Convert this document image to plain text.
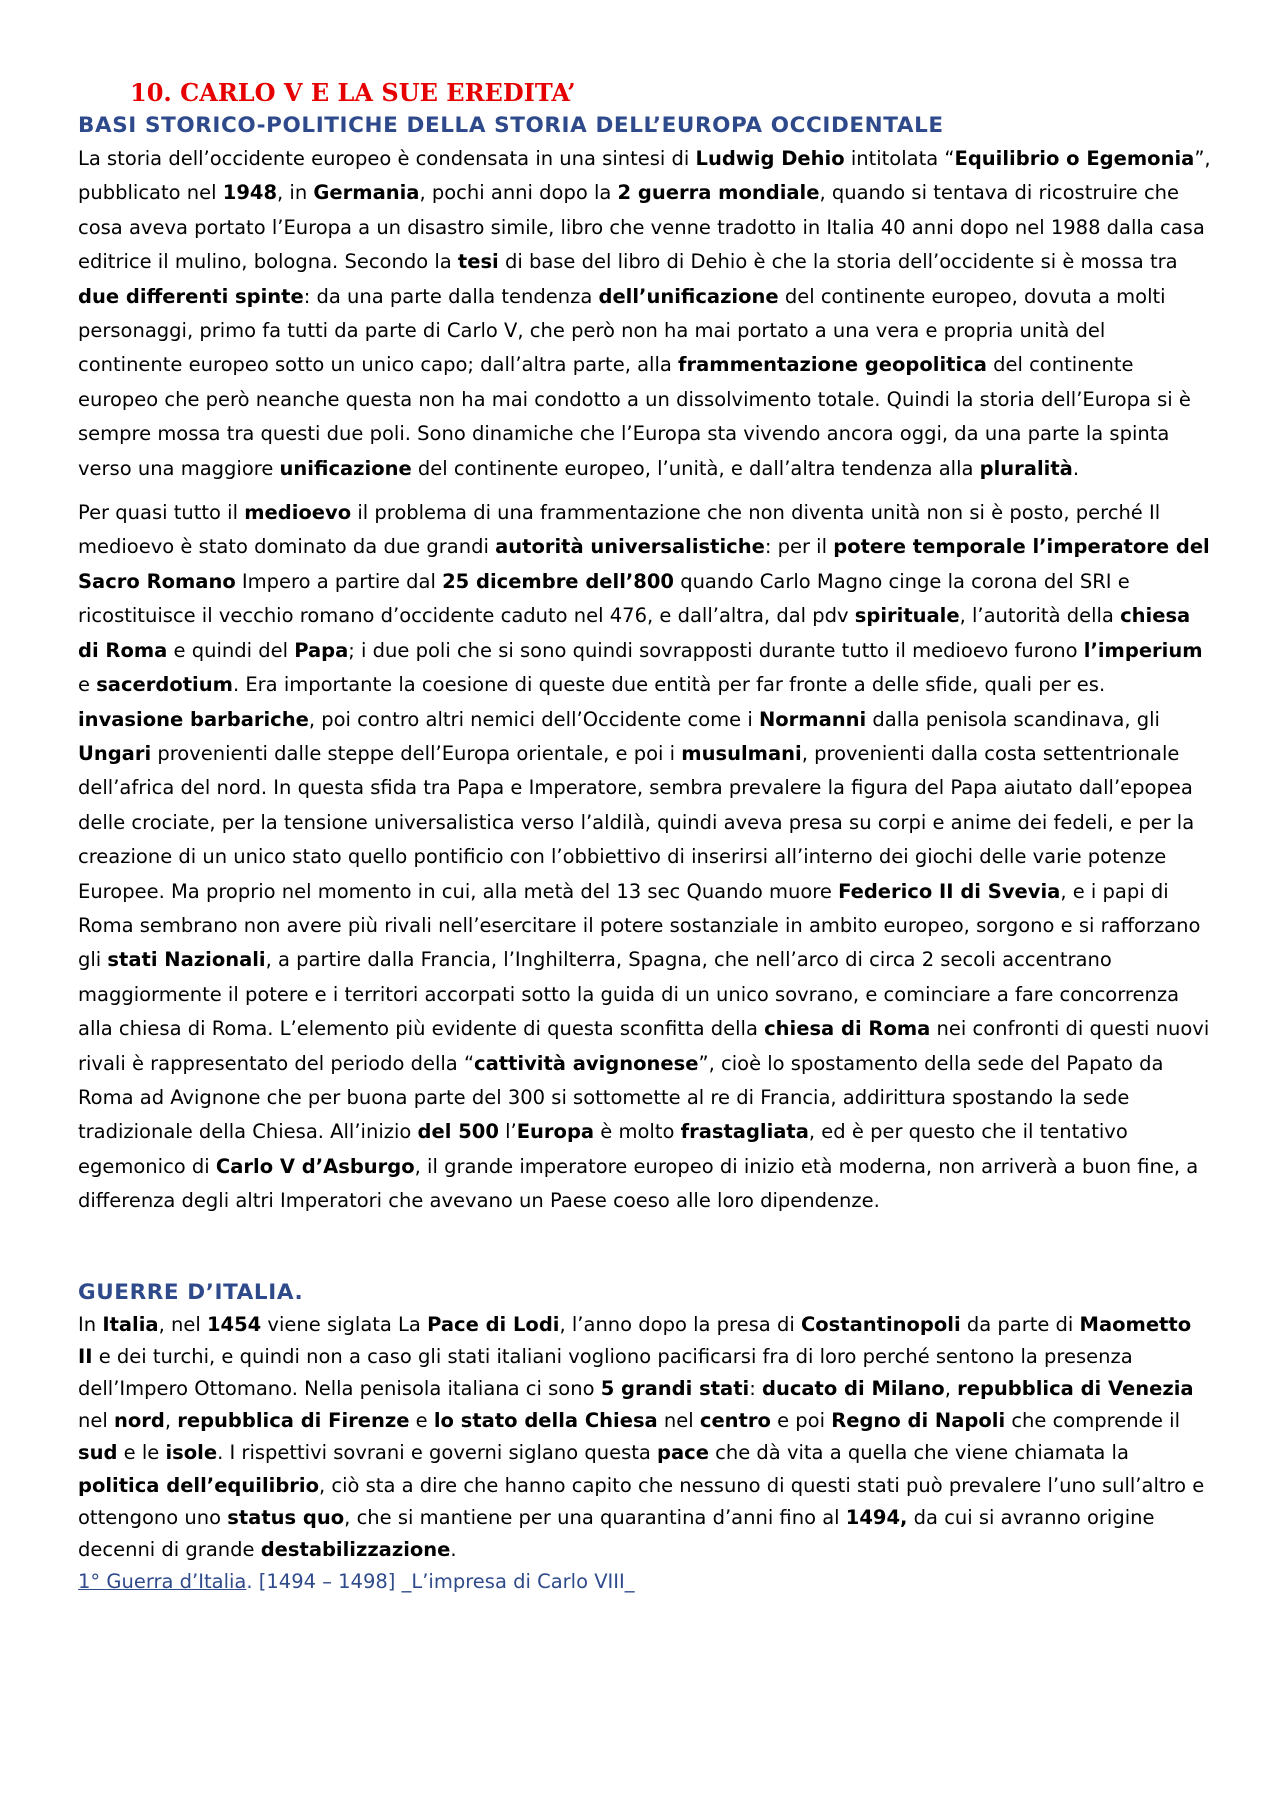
10. CARLO V E LA SUE EREDITA’
BASI STORICO-POLITICHE DELLA STORIA DELL’EUROPA OCCIDENTALE

La storia dell’occidente europeo è condensata in una sintesi di Ludwig Dehio intitolata “Equilibrio o Egemonia”, pubblicato nel 1948, in Germania, pochi anni dopo la 2 guerra mondiale, quando si tentava di ricostruire che cosa aveva portato l’Europa a un disastro simile, libro che venne tradotto in Italia 40 anni dopo nel 1988 dalla casa editrice il mulino, bologna. Secondo la tesi di base del libro di Dehio è che la storia dell’occidente si è mossa tra due differenti spinte: da una parte dalla tendenza dell’unificazione del continente europeo, dovuta a molti personaggi, primo fa tutti da parte di Carlo V, che però non ha mai portato a una vera e propria unità del continente europeo sotto un unico capo; dall’altra parte, alla frammentazione geopolitica del continente europeo che però neanche questa non ha mai condotto a un dissolvimento totale. Quindi la storia dell’Europa si è sempre mossa tra questi due poli. Sono dinamiche che l’Europa sta vivendo ancora oggi, da una parte la spinta verso una maggiore unificazione del continente europeo, l’unità, e dall’altra tendenza alla pluralità.

Per quasi tutto il medioevo il problema di una frammentazione che non diventa unità non si è posto, perché Il medioevo è stato dominato da due grandi autorità universalistiche: per il potere temporale l’imperatore del Sacro Romano Impero a partire dal 25 dicembre dell’800 quando Carlo Magno cinge la corona del SRI e ricostituisce il vecchio romano d’occidente caduto nel 476, e dall’altra, dal pdv spirituale, l’autorità della chiesa di Roma e quindi del Papa; i due poli che si sono quindi sovrapposti durante tutto il medioevo furono l’imperium e sacerdotium. Era importante la coesione di queste due entità per far fronte a delle sfide, quali per es. invasione barbariche, poi contro altri nemici dell’Occidente come i Normanni dalla penisola scandinava, gli Ungari provenienti dalle steppe dell’Europa orientale, e poi i musulmani, provenienti dalla costa settentrionale dell’africa del nord. In questa sfida tra Papa e Imperatore, sembra prevalere la figura del Papa aiutato dall’epopea delle crociate, per la tensione universalistica verso l’aldilà, quindi aveva presa su corpi e anime dei fedeli, e per la creazione di un unico stato quello pontificio con l’obbiettivo di inserirsi all’interno dei giochi delle varie potenze Europee. Ma proprio nel momento in cui, alla metà del 13 sec Quando muore Federico II di Svevia, e i papi di Roma sembrano non avere più rivali nell’esercitare il potere sostanziale in ambito europeo, sorgono e si rafforzano gli stati Nazionali, a partire dalla Francia, l’Inghilterra, Spagna, che nell’arco di circa 2 secoli accentrano maggiormente il potere e i territori accorpati sotto la guida di un unico sovrano, e cominciare a fare concorrenza alla chiesa di Roma. L’elemento più evidente di questa sconfitta della chiesa di Roma nei confronti di questi nuovi rivali è rappresentato del periodo della “cattività avignonese”, cioè lo spostamento della sede del Papato da Roma ad Avignone che per buona parte del 300 si sottomette al re di Francia, addirittura spostando la sede tradizionale della Chiesa. All’inizio del 500 l’Europa è molto frastagliata, ed è per questo che il tentativo egemonico di Carlo V d’Asburgo, il grande imperatore europeo di inizio età moderna, non arriverà a buon fine, a differenza degli altri Imperatori che avevano un Paese coeso alle loro dipendenze.

GUERRE D’ITALIA.

In Italia, nel 1454 viene siglata La Pace di Lodi, l’anno dopo la presa di Costantinopoli da parte di Maometto II e dei turchi, e quindi non a caso gli stati italiani vogliono pacificarsi fra di loro perché sentono la presenza dell’Impero Ottomano. Nella penisola italiana ci sono 5 grandi stati: ducato di Milano, repubblica di Venezia nel nord, repubblica di Firenze e lo stato della Chiesa nel centro e poi Regno di Napoli che comprende il sud e le isole. I rispettivi sovrani e governi siglano questa pace che dà vita a quella che viene chiamata la politica dell’equilibrio, ciò sta a dire che hanno capito che nessuno di questi stati può prevalere l’uno sull’altro e ottengono uno status quo, che si mantiene per una quarantina d’anni fino al 1494, da cui si avranno origine decenni di grande destabilizzazione.

1° Guerra d’Italia. [1494 – 1498] _L’impresa di Carlo VIII_
